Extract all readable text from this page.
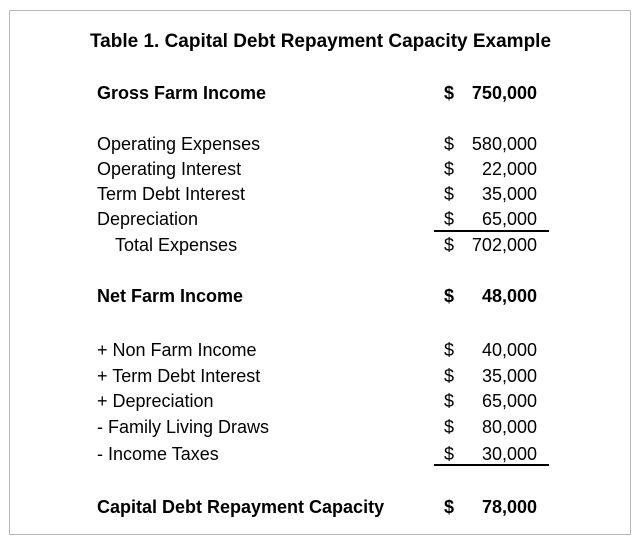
Table 1. Capital Debt Repayment Capacity Example
Gross Farm Income	$ 750,000
Operating Expenses	$ 580,000
Operating Interest	$ 22,000
Term Debt Interest	$ 35,000
Depreciation	$ 65,000
Total Expenses	$ 702,000
Net Farm Income	$ 48,000
+ Non Farm Income	$ 40,000
+ Term Debt Interest	$ 35,000
+ Depreciation	$ 65,000
- Family Living Draws	$ 80,000
- Income Taxes	$ 30,000
Capital Debt Repayment Capacity	$ 78,000
